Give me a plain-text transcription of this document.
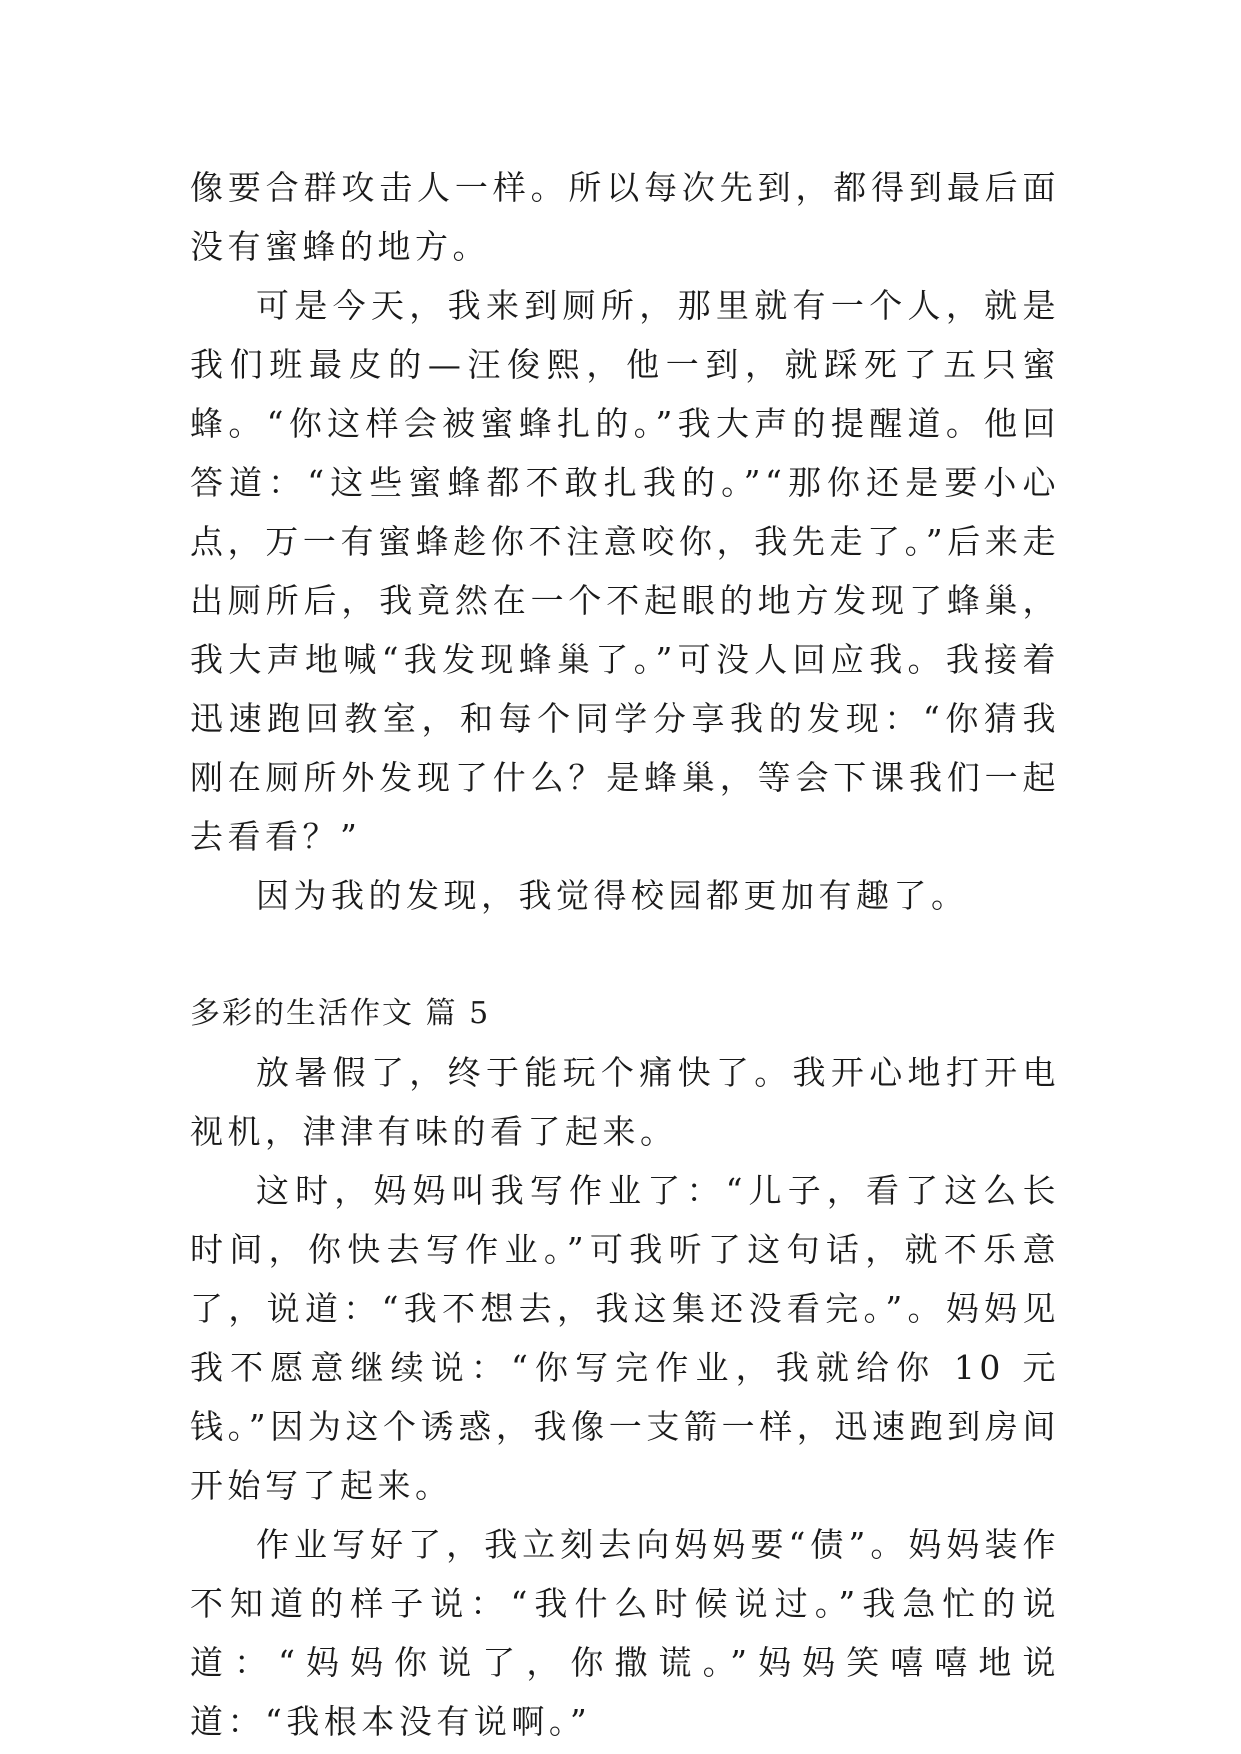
像要合群攻击人一样。所以每次先到，都得到最后面没有蜜蜂的地方。

可是今天，我来到厕所，那里就有一个人，就是我们班最皮的—汪俊熙，他一到，就踩死了五只蜜蜂。“你这样会被蜜蜂扎的。”我大声的提醒道。他回答道：“这些蜜蜂都不敢扎我的。”“那你还是要小心点，万一有蜜蜂趁你不注意咬你，我先走了。”后来走出厕所后，我竟然在一个不起眼的地方发现了蜂巢，我大声地喊“我发现蜂巢了。”可没人回应我。我接着迅速跑回教室，和每个同学分享我的发现：“你猜我刚在厕所外发现了什么？是蜂巢，等会下课我们一起去看看？”

因为我的发现，我觉得校园都更加有趣了。

多彩的生活作文 篇 5

放暑假了，终于能玩个痛快了。我开心地打开电视机，津津有味的看了起来。

这时，妈妈叫我写作业了：“儿子，看了这么长时间，你快去写作业。”可我听了这句话，就不乐意了，说道：“我不想去，我这集还没看完。”。妈妈见我不愿意继续说：“你写完作业，我就给你 10 元钱。”因为这个诱惑，我像一支箭一样，迅速跑到房间开始写了起来。

作业写好了，我立刻去向妈妈要“债”。妈妈装作不知道的样子说：“我什么时候说过。”我急忙的说道：“妈妈你说了，你撒谎。”妈妈笑嘻嘻地说道：“我根本没有说啊。”
